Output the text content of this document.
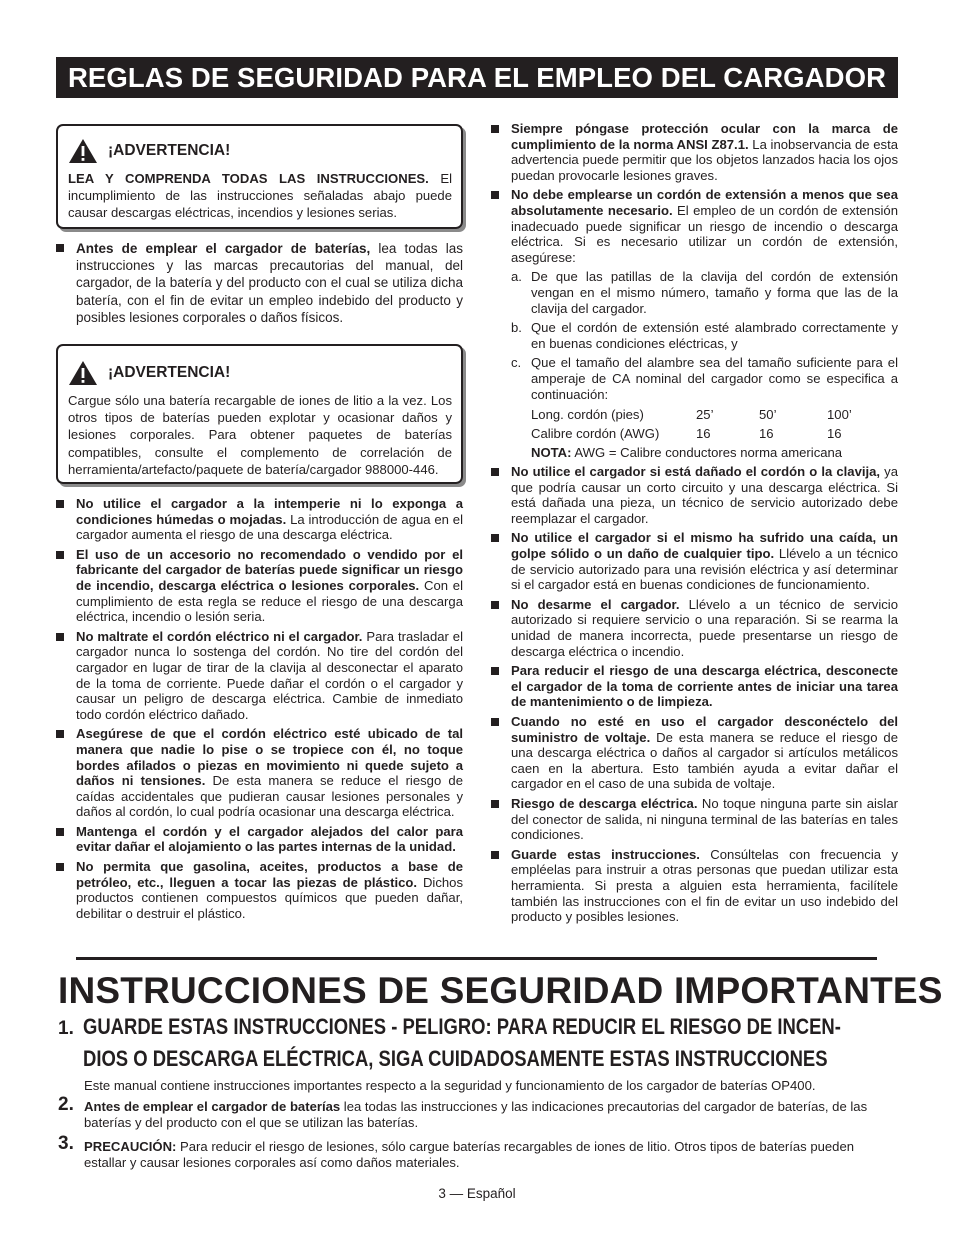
REGLAS DE SEGURIDAD PARA EL EMPLEO DEL CARGADOR
¡ADVERTENCIA!
LEA Y COMPRENDA TODAS LAS INSTRUCCIONES. El incumplimiento de las instrucciones señaladas abajo puede causar descargas eléctricas, incendios y lesiones serias.
Antes de emplear el cargador de baterías, lea todas las instrucciones y las marcas precautorias del manual, del cargador, de la batería y del producto con el cual se utiliza dicha batería, con el fin de evitar un empleo indebido del producto y posibles lesiones corporales o daños físicos.
¡ADVERTENCIA!
Cargue sólo una batería recargable de iones de litio a la vez. Los otros tipos de baterías pueden explotar y ocasionar daños y lesiones corporales. Para obtener paquetes de baterías compatibles, consulte el complemento de correlación de herramienta/artefacto/paquete de batería/cargador 988000-446.
No utilice el cargador a la intemperie ni lo exponga a condiciones húmedas o mojadas. La introducción de agua en el cargador aumenta el riesgo de una descarga eléctrica.
El uso de un accesorio no recomendado o vendido por el fabricante del cargador de baterías puede significar un riesgo de incendio, descarga eléctrica o lesiones corporales. Con el cumplimiento de esta regla se reduce el riesgo de una descarga eléctrica, incendio o lesión seria.
No maltrate el cordón eléctrico ni el cargador. Para trasladar el cargador nunca lo sostenga del cordón. No tire del cordón del cargador en lugar de tirar de la clavija al desconectar el aparato de la toma de corriente. Puede dañar el cordón o el cargador y causar un peligro de descarga eléctrica. Cambie de inmediato todo cordón eléctrico dañado.
Asegúrese de que el cordón eléctrico esté ubicado de tal manera que nadie lo pise o se tropiece con él, no toque bordes afilados o piezas en movimiento ni quede sujeto a daños ni tensiones. De esta manera se reduce el riesgo de caídas accidentales que pudieran causar lesiones personales y daños al cordón, lo cual podría ocasionar una descarga eléctrica.
Mantenga el cordón y el cargador alejados del calor para evitar dañar el alojamiento o las partes internas de la unidad.
No permita que gasolina, aceites, productos a base de petróleo, etc., lleguen a tocar las piezas de plástico. Dichos productos contienen compuestos químicos que pueden dañar, debilitar o destruir el plástico.
Siempre póngase protección ocular con la marca de cumplimiento de la norma ANSI Z87.1. La inobservancia de esta advertencia puede permitir que los objetos lanzados hacia los ojos puedan provocarle lesiones graves.
No debe emplearse un cordón de extensión a menos que sea absolutamente necesario. El empleo de un cordón de extensión inadecuado puede significar un riesgo de incendio o descarga eléctrica. Si es necesario utilizar un cordón de extensión, asegúrese:
a. De que las patillas de la clavija del cordón de extensión vengan en el mismo número, tamaño y forma que las de la clavija del cargador.
b. Que el cordón de extensión esté alambrado correctamente y en buenas condiciones eléctricas, y
c. Que el tamaño del alambre sea del tamaño suficiente para el amperaje de CA nominal del cargador como se especifica a continuación:
Long. cordón (pies)	25’	50’	100’
Calibre cordón (AWG)	16	16	16
NOTA: AWG = Calibre conductores norma americana
No utilice el cargador si está dañado el cordón o la clavija, ya que podría causar un corto circuito y una descarga eléctrica. Si está dañada una pieza, un técnico de servicio autorizado debe reemplazar el cargador.
No utilice el cargador si el mismo ha sufrido una caída, un golpe sólido o un daño de cualquier tipo. Llévelo a un técnico de servicio autorizado para una revisión eléctrica y así determinar si el cargador está en buenas condiciones de funcionamiento.
No desarme el cargador. Llévelo a un técnico de servicio autorizado si requiere servicio o una reparación. Si se rearma la unidad de manera incorrecta, puede presentarse un riesgo de descarga eléctrica o incendio.
Para reducir el riesgo de una descarga eléctrica, desconecte el cargador de la toma de corriente antes de iniciar una tarea de mantenimiento o de limpieza.
Cuando no esté en uso el cargador desconéctelo del suministro de voltaje. De esta manera se reduce el riesgo de una descarga eléctrica o daños al cargador si artículos metálicos caen en la abertura. Esto también ayuda a evitar dañar el cargador en el caso de una subida de voltaje.
Riesgo de descarga eléctrica. No toque ninguna parte sin aislar del conector de salida, ni ninguna terminal de las baterías en tales condiciones.
Guarde estas instrucciones. Consúltelas con frecuencia y empléelas para instruir a otras personas que puedan utilizar esta herramienta. Si presta a alguien esta herramienta, facilítele también las instrucciones con el fin de evitar un uso indebido del producto y posibles lesiones.
INSTRUCCIONES DE SEGURIDAD IMPORTANTES
1. GUARDE ESTAS INSTRUCCIONES - PELIGRO: PARA REDUCIR EL RIESGO DE INCEN-
DIOS O DESCARGA ELÉCTRICA, SIGA CUIDADOSAMENTE ESTAS INSTRUCCIONES
Este manual contiene instrucciones importantes respecto a la seguridad y funcionamiento de los cargador de baterías OP400.
2. Antes de emplear el cargador de baterías lea todas las instrucciones y las indicaciones precautorias del cargador de baterías, de las baterías y del producto con el que se utilizan las baterías.
3. PRECAUCIÓN: Para reducir el riesgo de lesiones, sólo cargue baterías recargables de iones de litio. Otros tipos de baterías pueden estallar y causar lesiones corporales así como daños materiales.
3 — Español
